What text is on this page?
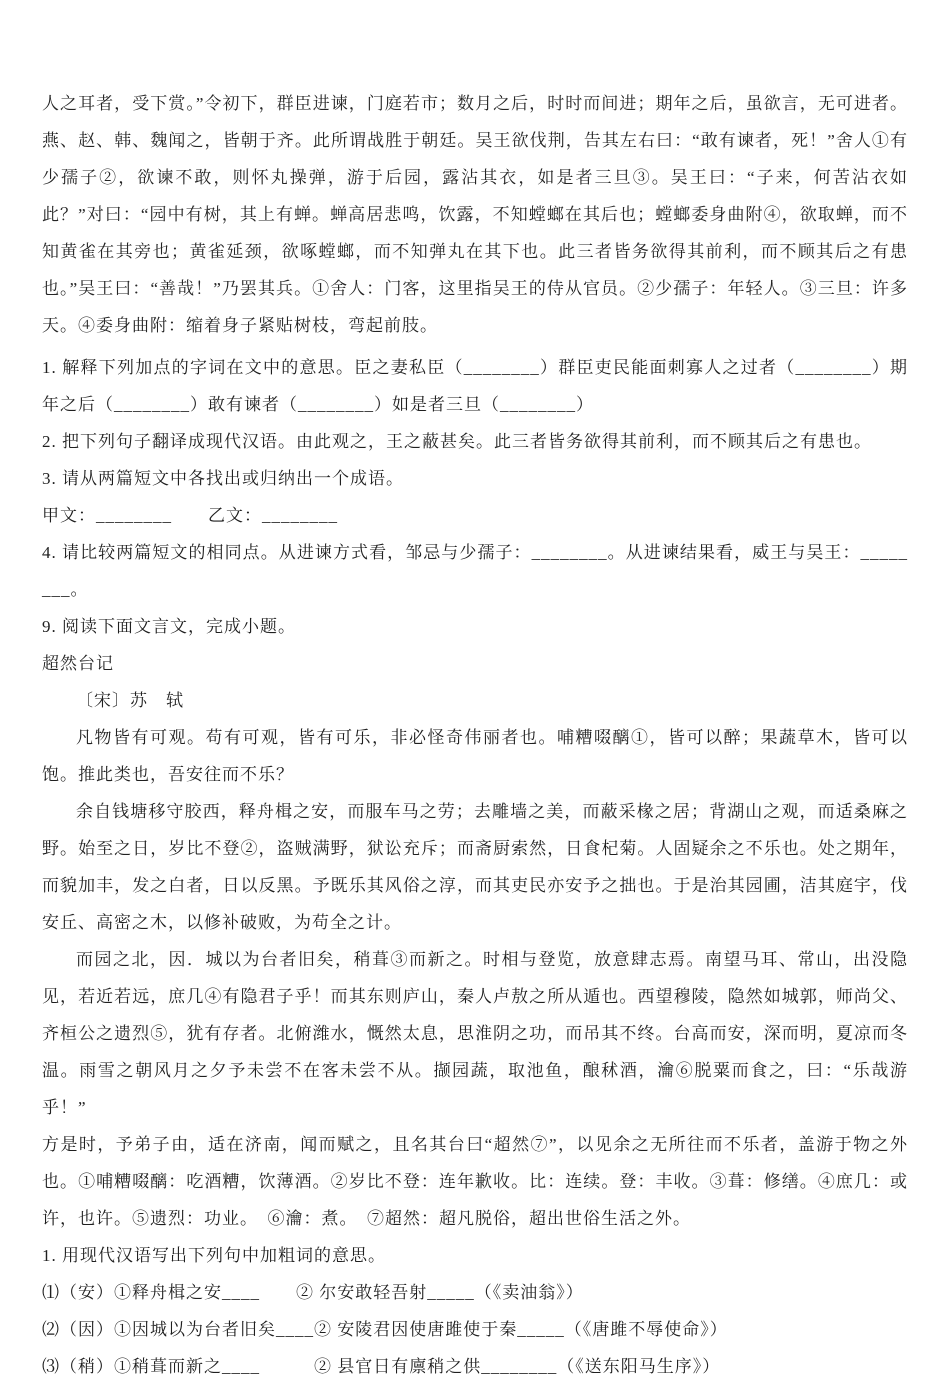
人之耳者，受下赏。”令初下，群臣进谏，门庭若市；数月之后，时时而间进；期年之后，虽欲言，无可进者。燕、赵、韩、魏闻之，皆朝于齐。此所谓战胜于朝廷。吴王欲伐荆，告其左右曰：“敢有谏者，死！”舍人①有少孺子②，欲谏不敢，则怀丸操弹，游于后园，露沾其衣，如是者三旦③。吴王曰：“子来，何苦沾衣如此？”对曰：“园中有树，其上有蝉。蝉高居悲鸣，饮露，不知螳螂在其后也；螳螂委身曲附④，欲取蝉，而不知黄雀在其旁也；黄雀延颈，欲啄螳螂，而不知弹丸在其下也。此三者皆务欲得其前利，而不顾其后之有患也。”吴王曰：“善哉！”乃罢其兵。①舍人：门客，这里指吴王的侍从官员。②少孺子：年轻人。③三旦：许多天。④委身曲附：缩着身子紧贴树枝，弯起前肢。

1. 解释下列加点的字词在文中的意思。臣之妻私臣（________）群臣吏民能面刺寡人之过者（________）期年之后（________）敢有谏者（________）如是者三旦（________）

2. 把下列句子翻译成现代汉语。由此观之，王之蔽甚矣。此三者皆务欲得其前利，而不顾其后之有患也。

3. 请从两篇短文中各找出或归纳出一个成语。

甲文：________　　乙文：________

4. 请比较两篇短文的相同点。从进谏方式看，邹忌与少孺子：________。从进谏结果看，威王与吴王：________。

9. 阅读下面文言文，完成小题。

超然台记

〔宋〕苏　轼

凡物皆有可观。苟有可观，皆有可乐，非必怪奇伟丽者也。哺糟啜醨①，皆可以醉；果蔬草木，皆可以饱。推此类也，吾安往而不乐？

余自钱塘移守胶西，释舟楫之安，而服车马之劳；去雕墙之美，而蔽采椽之居；背湖山之观，而适桑麻之野。始至之日，岁比不登②，盗贼满野，狱讼充斥；而斋厨索然，日食杞菊。人固疑余之不乐也。处之期年，而貌加丰，发之白者，日以反黑。予既乐其风俗之淳，而其吏民亦安予之拙也。于是治其园圃，洁其庭宇，伐安丘、高密之木，以修补破败，为苟全之计。

而园之北，因．城以为台者旧矣，稍葺③而新之。时相与登览，放意肆志焉。南望马耳、常山，出没隐见，若近若远，庶几④有隐君子乎！而其东则庐山，秦人卢敖之所从遁也。西望穆陵，隐然如城郭，师尚父、齐桓公之遗烈⑤，犹有存者。北俯潍水，慨然太息，思淮阴之功，而吊其不终。台高而安，深而明，夏凉而冬温。雨雪之朝风月之夕予未尝不在客未尝不从。撷园蔬，取池鱼，酿秫酒，瀹⑥脱粟而食之，曰：“乐哉游乎！”

方是时，予弟子由，适在济南，闻而赋之，且名其台曰“超然⑦”，以见余之无所往而不乐者，盖游于物之外也。①哺糟啜醨：吃酒糟，饮薄酒。②岁比不登：连年歉收。比：连续。登：丰收。③葺：修缮。④庶几：或许，也许。⑤遗烈：功业。　⑥瀹：煮。　⑦超然：超凡脱俗，超出世俗生活之外。

1. 用现代汉语写出下列句中加粗词的意思。

⑴（安）①释舟楫之安____　　② 尔安敢轻吾射_____（《卖油翁》）

⑵（因）①因城以为台者旧矣____② 安陵君因使唐雎使于秦_____（《唐雎不辱使命》）

⑶（稍）①稍葺而新之____　　　② 县官日有廪稍之供________（《送东阳马生序》）
